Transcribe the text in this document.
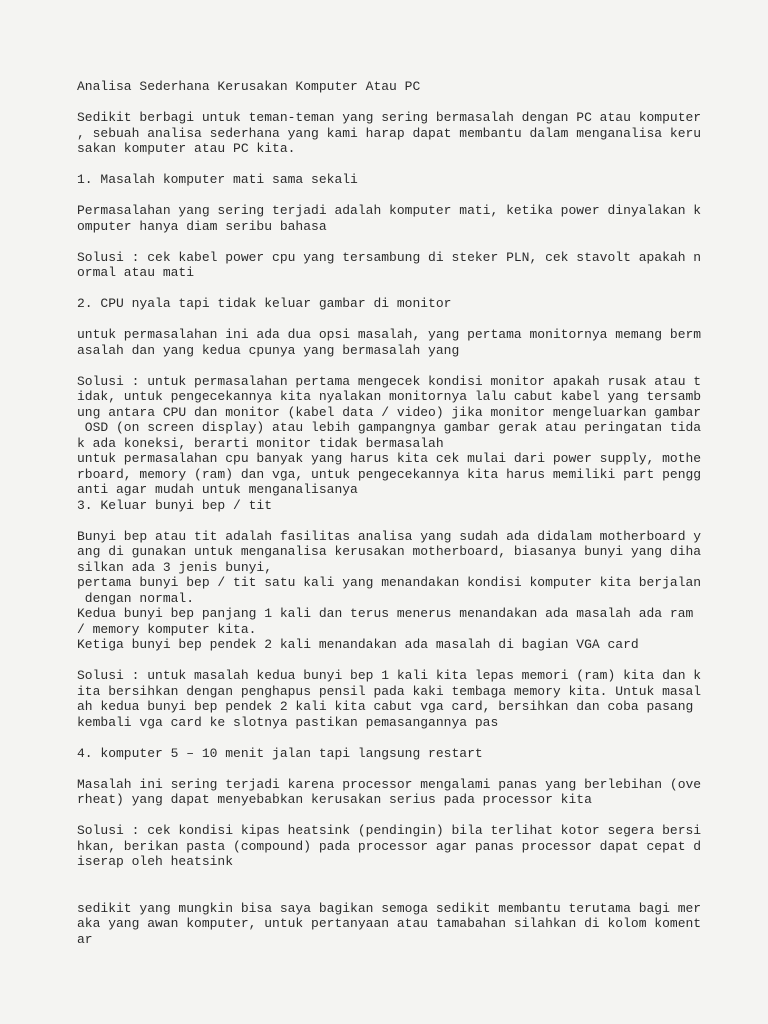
Analisa Sederhana Kerusakan Komputer Atau PC
Sedikit berbagi untuk teman-teman yang sering bermasalah dengan PC atau komputer
, sebuah analisa sederhana yang kami harap dapat membantu dalam menganalisa keru
sakan komputer atau PC kita.
1. Masalah komputer mati sama sekali
Permasalahan yang sering terjadi adalah komputer mati, ketika power dinyalakan k
omputer hanya diam seribu bahasa
Solusi : cek kabel power cpu yang tersambung di steker PLN, cek stavolt apakah n
ormal atau mati
2. CPU nyala tapi tidak keluar gambar di monitor
untuk permasalahan ini ada dua opsi masalah, yang pertama monitornya memang berm
asalah dan yang kedua cpunya yang bermasalah yang
Solusi : untuk permasalahan pertama mengecek kondisi monitor apakah rusak atau t
idak, untuk pengecekannya kita nyalakan monitornya lalu cabut kabel yang tersamb
ung antara CPU dan monitor (kabel data / video) jika monitor mengeluarkan gambar
OSD (on screen display) atau lebih gampangnya gambar gerak atau peringatan tida
k ada koneksi, berarti monitor tidak bermasalah
untuk permasalahan cpu banyak yang harus kita cek mulai dari power supply, mothe
rboard, memory (ram) dan vga, untuk pengecekannya kita harus memiliki part pengg
anti agar mudah untuk menganalisanya
3. Keluar bunyi bep / tit
Bunyi bep atau tit adalah fasilitas analisa yang sudah ada didalam motherboard y
ang di gunakan untuk menganalisa kerusakan motherboard, biasanya bunyi yang diha
silkan ada 3 jenis bunyi,
pertama bunyi bep / tit satu kali yang menandakan kondisi komputer kita berjalan
dengan normal.
Kedua bunyi bep panjang 1 kali dan terus menerus menandakan ada masalah ada ram
/ memory komputer kita.
Ketiga bunyi bep pendek 2 kali menandakan ada masalah di bagian VGA card
Solusi : untuk masalah kedua bunyi bep 1 kali kita lepas memori (ram) kita dan k
ita bersihkan dengan penghapus pensil pada kaki tembaga memory kita. Untuk masal
ah kedua bunyi bep pendek 2 kali kita cabut vga card, bersihkan dan coba pasang
kembali vga card ke slotnya pastikan pemasangannya pas
4. komputer 5 – 10 menit jalan tapi langsung restart
Masalah ini sering terjadi karena processor mengalami panas yang berlebihan (ove
rheat) yang dapat menyebabkan kerusakan serius pada processor kita
Solusi : cek kondisi kipas heatsink (pendingin) bila terlihat kotor segera bersi
hkan, berikan pasta (compound) pada processor agar panas processor dapat cepat d
iserap oleh heatsink
sedikit yang mungkin bisa saya bagikan semoga sedikit membantu terutama bagi mer
aka yang awan komputer, untuk pertanyaan atau tamabahan silahkan di kolom koment
ar
